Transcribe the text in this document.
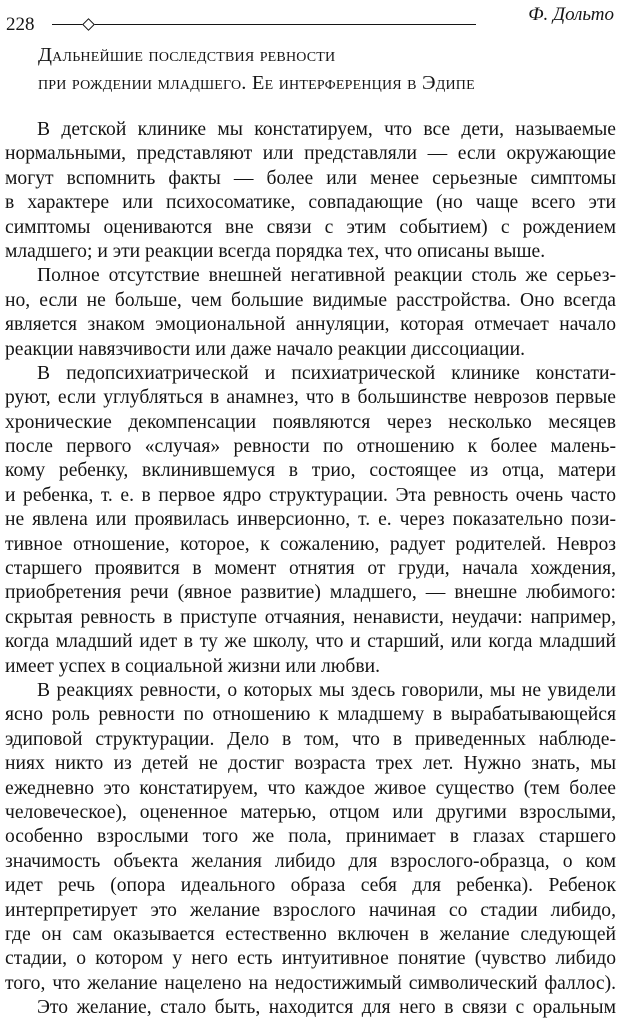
228	Ф. Дольто
Дальнейшие последствия ревности
при рождении младшего. Ее интерференция в Эдипе
В детской клинике мы констатируем, что все дети, называемые
нормальными, представляют или представляли — если окружающие
могут вспомнить факты — более или менее серьезные симптомы
в характере или психосоматике, совпадающие (но чаще всего эти
симптомы оцениваются вне связи с этим событием) с рождением
младшего; и эти реакции всегда порядка тех, что описаны выше.
Полное отсутствие внешней негативной реакции столь же серьез-
но, если не больше, чем большие видимые расстройства. Оно всегда
является знаком эмоциональной аннуляции, которая отмечает начало
реакции навязчивости или даже начало реакции диссоциации.
В педопсихиатрической и психиатрической клинике констати-
руют, если углубляться в анамнез, что в большинстве неврозов первые
хронические декомпенсации появляются через несколько месяцев
после первого «случая» ревности по отношению к более малень-
кому ребенку, вклинившемуся в трио, состоящее из отца, матери
и ребенка, т. е. в первое ядро структурации. Эта ревность очень часто
не явлена или проявилась инверсионно, т. е. через показательно пози-
тивное отношение, которое, к сожалению, радует родителей. Невроз
старшего проявится в момент отнятия от груди, начала хождения,
приобретения речи (явное развитие) младшего, — внешне любимого:
скрытая ревность в приступе отчаяния, ненависти, неудачи: например,
когда младший идет в ту же школу, что и старший, или когда младший
имеет успех в социальной жизни или любви.
В реакциях ревности, о которых мы здесь говорили, мы не увидели
ясно роль ревности по отношению к младшему в вырабатывающейся
эдиповой структурации. Дело в том, что в приведенных наблюде-
ниях никто из детей не достиг возраста трех лет. Нужно знать, мы
ежедневно это констатируем, что каждое живое существо (тем более
человеческое), оцененное матерью, отцом или другими взрослыми,
особенно взрослыми того же пола, принимает в глазах старшего
значимость объекта желания либидо для взрослого-образца, о ком
идет речь (опора идеального образа себя для ребенка). Ребенок
интерпретирует это желание взрослого начиная со стадии либидо,
где он сам оказывается естественно включен в желание следующей
стадии, о котором у него есть интуитивное понятие (чувство либидо
того, что желание нацелено на недостижимый символический фаллос).
Это желание, стало быть, находится для него в связи с оральным
